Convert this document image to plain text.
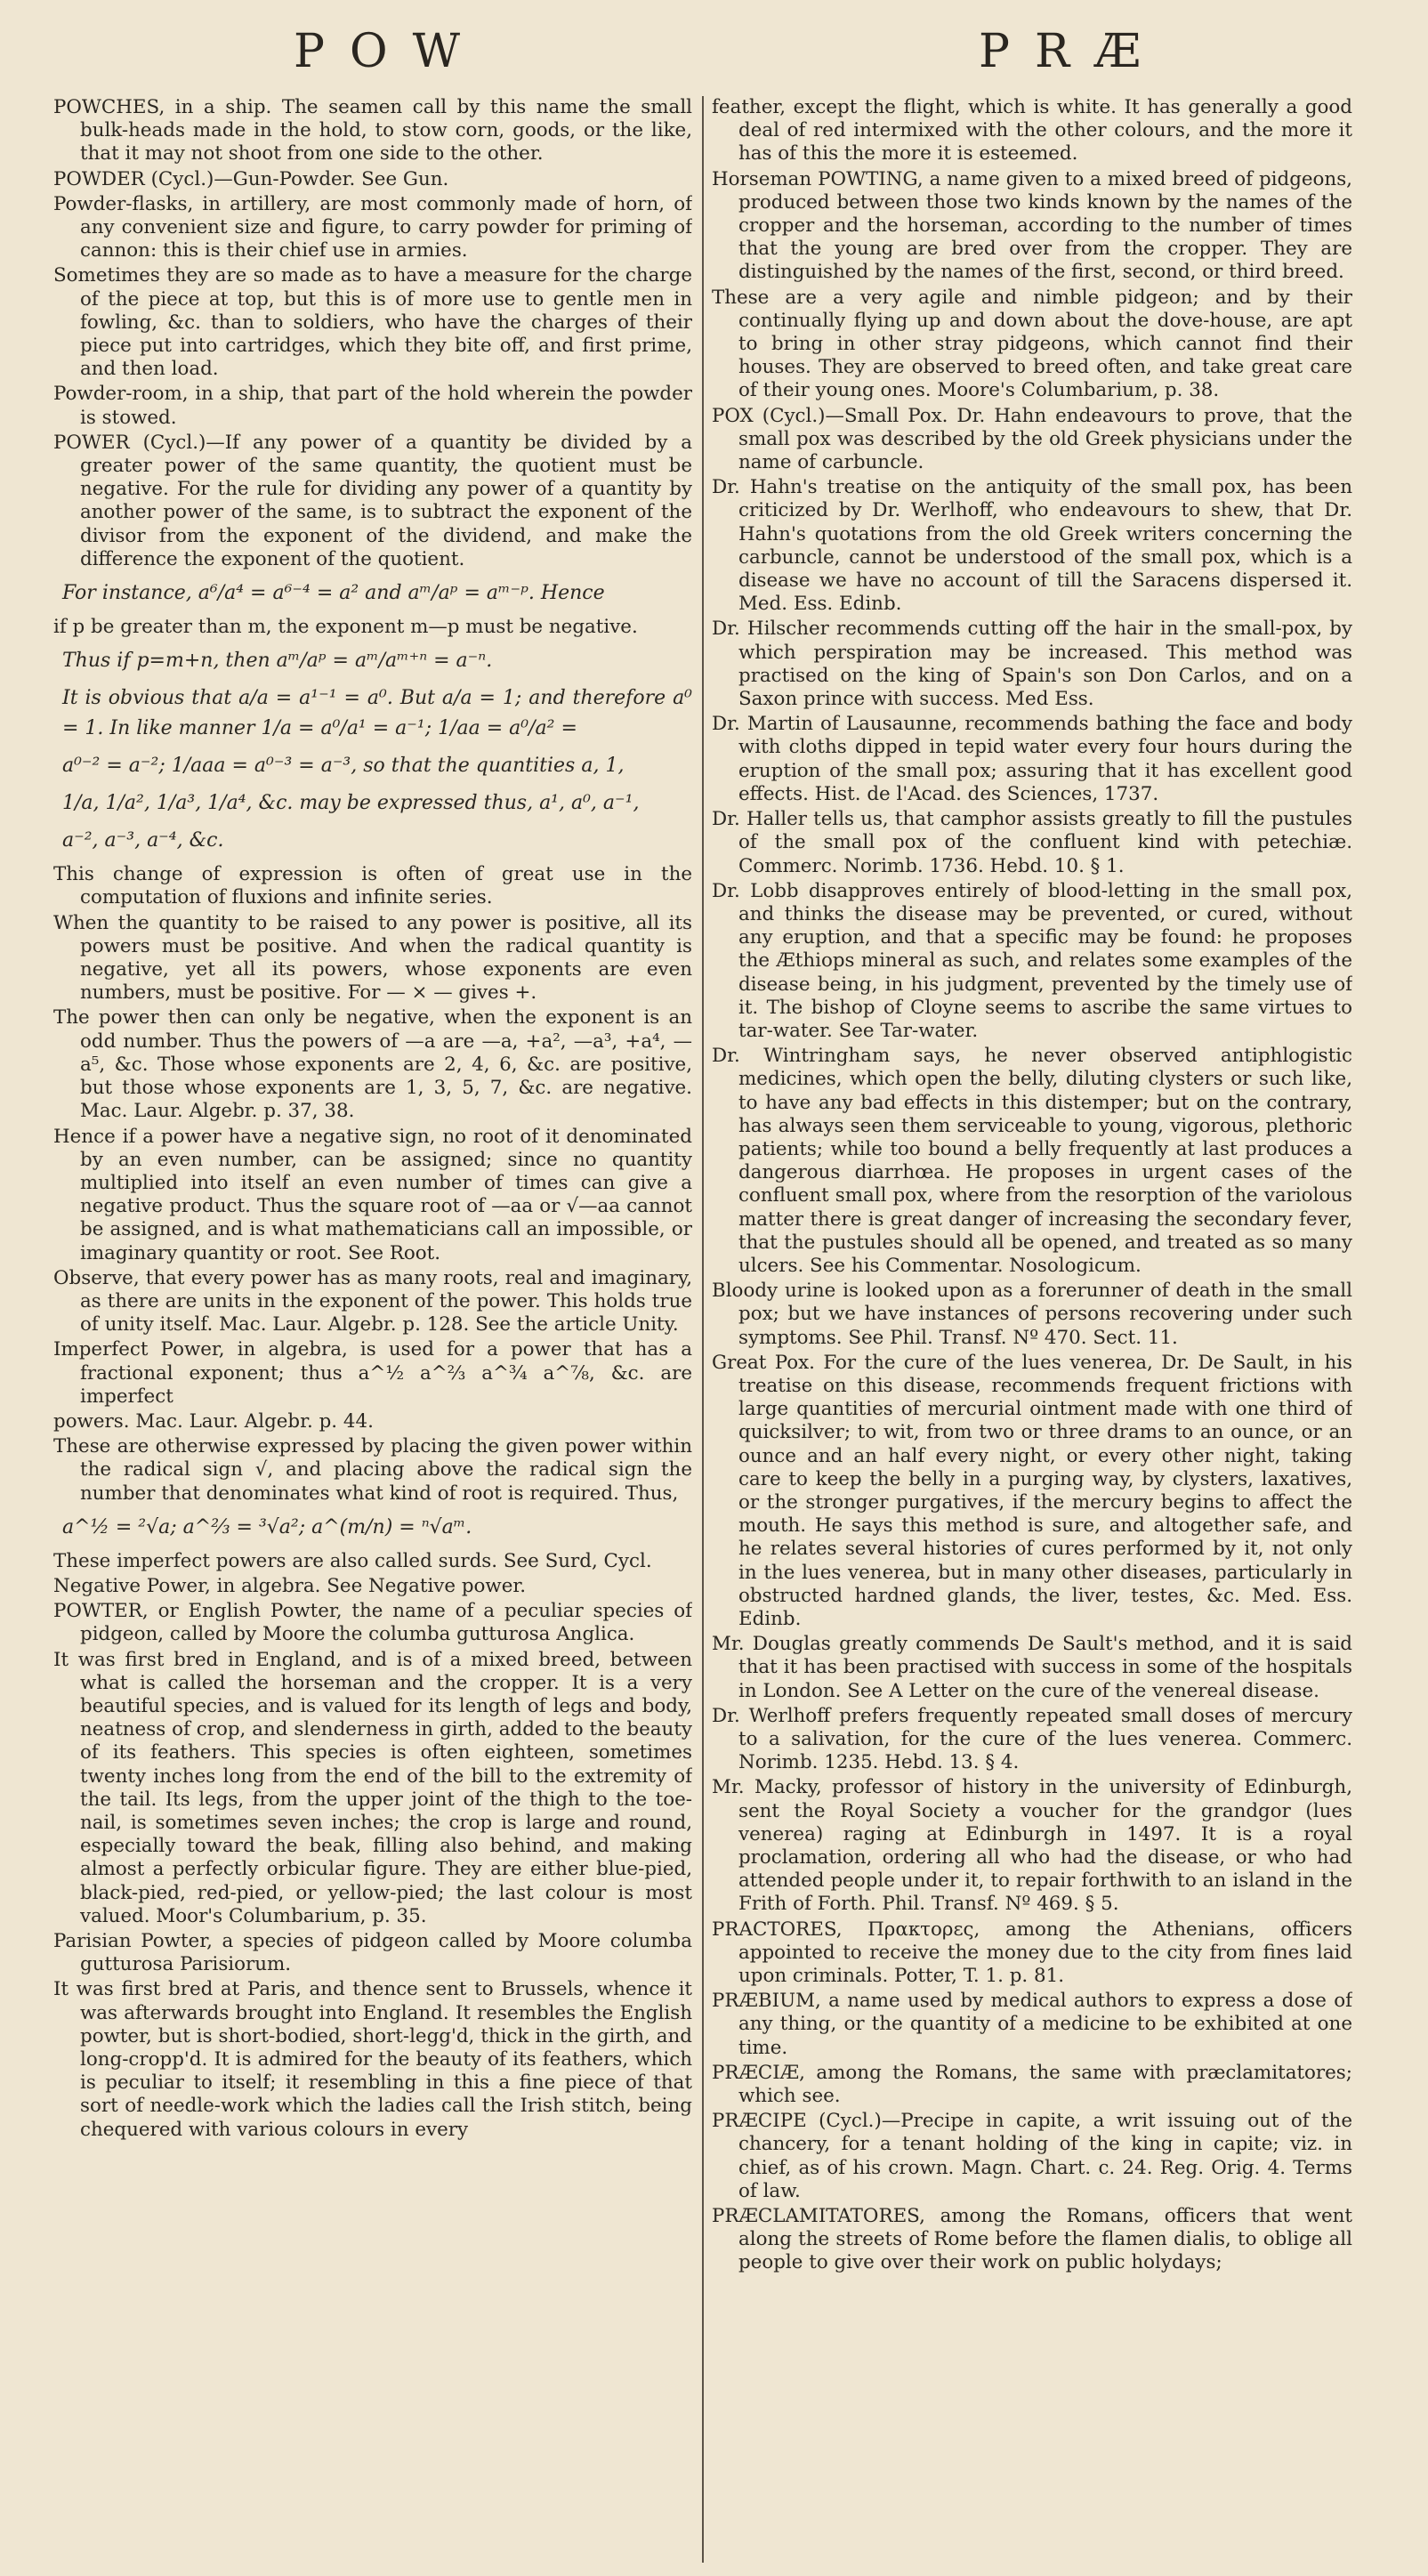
POW	PRÆ

POWCHES, in a ship. The seamen call by this name the small bulk-heads made in the hold, to stow corn, goods, or the like, that it may not shoot from one side to the other.

POWDER (Cycl.)—Gun-Powder. See Gun.

Powder-flasks, in artillery, are most commonly made of horn, of any convenient size and figure, to carry powder for priming of cannon: this is their chief use in armies.

Sometimes they are so made as to have a measure for the charge of the piece at top, but this is of more use to gentle men in fowling, &c. than to soldiers, who have the charges of their piece put into cartridges, which they bite off, and first prime, and then load.

Powder-room, in a ship, that part of the hold wherein the powder is stowed.

POWER (Cycl.)—If any power of a quantity be divided by a greater power of the same quantity, the quotient must be negative. For the rule for dividing any power of a quantity by another power of the same, is to subtract the exponent of the divisor from the exponent of the dividend, and make the difference the exponent of the quotient.

For instance, a⁶/a⁴ = a⁶⁻⁴ = a² and aᵐ/aᵖ = aᵐ⁻ᵖ. Hence

if p be greater than m, the exponent m—p must be negative.

Thus if p=m+n, then aᵐ/aᵖ = aᵐ/aᵐ⁺ⁿ = a⁻ⁿ.

It is obvious that a/a = a¹⁻¹ = a⁰. But a/a = 1; and therefore a⁰ = 1. In like manner 1/a = a⁰/a¹ = a⁻¹; 1/aa = a⁰/a² =

a⁰⁻² = a⁻²; 1/aaa = a⁰⁻³ = a⁻³, so that the quantities a, 1,

1/a, 1/a², 1/a³, 1/a⁴, &c. may be expressed thus, a¹, a⁰, a⁻¹,

a⁻², a⁻³, a⁻⁴, &c.

This change of expression is often of great use in the computation of fluxions and infinite series.

When the quantity to be raised to any power is positive, all its powers must be positive. And when the radical quantity is negative, yet all its powers, whose exponents are even numbers, must be positive. For — × — gives +.

The power then can only be negative, when the exponent is an odd number. Thus the powers of —a are —a, +a², —a³, +a⁴, —a⁵, &c. Those whose exponents are 2, 4, 6, &c. are positive, but those whose exponents are 1, 3, 5, 7, &c. are negative. Mac. Laur. Algebr. p. 37, 38.

Hence if a power have a negative sign, no root of it denominated by an even number, can be assigned; since no quantity multiplied into itself an even number of times can give a negative product. Thus the square root of —aa or √—aa cannot be assigned, and is what mathematicians call an impossible, or imaginary quantity or root. See Root.

Observe, that every power has as many roots, real and imaginary, as there are units in the exponent of the power. This holds true of unity itself. Mac. Laur. Algebr. p. 128. See the article Unity.

Imperfect Power, in algebra, is used for a power that has a fractional exponent; thus a^½ a^⅔ a^¾ a^⅞, &c. are imperfect

powers. Mac. Laur. Algebr. p. 44.

These are otherwise expressed by placing the given power within the radical sign √, and placing above the radical sign the number that denominates what kind of root is required. Thus,

a^½ = ²√a; a^⅔ = ³√a²; a^(m/n) = ⁿ√aᵐ.

These imperfect powers are also called surds. See Surd, Cycl.

Negative Power, in algebra. See Negative power.

POWTER, or English Powter, the name of a peculiar species of pidgeon, called by Moore the columba gutturosa Anglica.

It was first bred in England, and is of a mixed breed, between what is called the horseman and the cropper. It is a very beautiful species, and is valued for its length of legs and body, neatness of crop, and slenderness in girth, added to the beauty of its feathers. This species is often eighteen, sometimes twenty inches long from the end of the bill to the extremity of the tail. Its legs, from the upper joint of the thigh to the toe-nail, is sometimes seven inches; the crop is large and round, especially toward the beak, filling also behind, and making almost a perfectly orbicular figure. They are either blue-pied, black-pied, red-pied, or yellow-pied; the last colour is most valued. Moor's Columbarium, p. 35.

Parisian Powter, a species of pidgeon called by Moore columba gutturosa Parisiorum.

It was first bred at Paris, and thence sent to Brussels, whence it was afterwards brought into England. It resembles the English powter, but is short-bodied, short-legg'd, thick in the girth, and long-cropp'd. It is admired for the beauty of its feathers, which is peculiar to itself; it resembling in this a fine piece of that sort of needle-work which the ladies call the Irish stitch, being chequered with various colours in every

feather, except the flight, which is white. It has generally a good deal of red intermixed with the other colours, and the more it has of this the more it is esteemed.

Horseman POWTING, a name given to a mixed breed of pidgeons, produced between those two kinds known by the names of the cropper and the horseman, according to the number of times that the young are bred over from the cropper. They are distinguished by the names of the first, second, or third breed.

These are a very agile and nimble pidgeon; and by their continually flying up and down about the dove-house, are apt to bring in other stray pidgeons, which cannot find their houses. They are observed to breed often, and take great care of their young ones. Moore's Columbarium, p. 38.

POX (Cycl.)—Small Pox. Dr. Hahn endeavours to prove, that the small pox was described by the old Greek physicians under the name of carbuncle.

Dr. Hahn's treatise on the antiquity of the small pox, has been criticized by Dr. Werlhoff, who endeavours to shew, that Dr. Hahn's quotations from the old Greek writers concerning the carbuncle, cannot be understood of the small pox, which is a disease we have no account of till the Saracens dispersed it. Med. Ess. Edinb.

Dr. Hilscher recommends cutting off the hair in the small-pox, by which perspiration may be increased. This method was practised on the king of Spain's son Don Carlos, and on a Saxon prince with success. Med Ess.

Dr. Martin of Lausaunne, recommends bathing the face and body with cloths dipped in tepid water every four hours during the eruption of the small pox; assuring that it has excellent good effects. Hist. de l'Acad. des Sciences, 1737.

Dr. Haller tells us, that camphor assists greatly to fill the pustules of the small pox of the confluent kind with petechiæ. Commerc. Norimb. 1736. Hebd. 10. § 1.

Dr. Lobb disapproves entirely of blood-letting in the small pox, and thinks the disease may be prevented, or cured, without any eruption, and that a specific may be found: he proposes the Æthiops mineral as such, and relates some examples of the disease being, in his judgment, prevented by the timely use of it. The bishop of Cloyne seems to ascribe the same virtues to tar-water. See Tar-water.

Dr. Wintringham says, he never observed antiphlogistic medicines, which open the belly, diluting clysters or such like, to have any bad effects in this distemper; but on the contrary, has always seen them serviceable to young, vigorous, plethoric patients; while too bound a belly frequently at last produces a dangerous diarrhœa. He proposes in urgent cases of the confluent small pox, where from the resorption of the variolous matter there is great danger of increasing the secondary fever, that the pustules should all be opened, and treated as so many ulcers. See his Commentar. Nosologicum.

Bloody urine is looked upon as a forerunner of death in the small pox; but we have instances of persons recovering under such symptoms. See Phil. Transf. Nº 470. Sect. 11.

Great Pox. For the cure of the lues venerea, Dr. De Sault, in his treatise on this disease, recommends frequent frictions with large quantities of mercurial ointment made with one third of quicksilver; to wit, from two or three drams to an ounce, or an ounce and an half every night, or every other night, taking care to keep the belly in a purging way, by clysters, laxatives, or the stronger purgatives, if the mercury begins to affect the mouth. He says this method is sure, and altogether safe, and he relates several histories of cures performed by it, not only in the lues venerea, but in many other diseases, particularly in obstructed hardned glands, the liver, testes, &c. Med. Ess. Edinb.

Mr. Douglas greatly commends De Sault's method, and it is said that it has been practised with success in some of the hospitals in London. See A Letter on the cure of the venereal disease.

Dr. Werlhoff prefers frequently repeated small doses of mercury to a salivation, for the cure of the lues venerea. Commerc. Norimb. 1235. Hebd. 13. § 4.

Mr. Macky, professor of history in the university of Edinburgh, sent the Royal Society a voucher for the grandgor (lues venerea) raging at Edinburgh in 1497. It is a royal proclamation, ordering all who had the disease, or who had attended people under it, to repair forthwith to an island in the Frith of Forth. Phil. Transf. Nº 469. § 5.

PRACTORES, Πρακτορες, among the Athenians, officers appointed to receive the money due to the city from fines laid upon criminals. Potter, T. 1. p. 81.

PRÆBIUM, a name used by medical authors to express a dose of any thing, or the quantity of a medicine to be exhibited at one time.

PRÆCIÆ, among the Romans, the same with præclamitatores; which see.

PRÆCIPE (Cycl.)—Precipe in capite, a writ issuing out of the chancery, for a tenant holding of the king in capite; viz. in chief, as of his crown. Magn. Chart. c. 24. Reg. Orig. 4. Terms of law.

PRÆCLAMITATORES, among the Romans, officers that went along the streets of Rome before the flamen dialis, to oblige all people to give over their work on public holydays;
